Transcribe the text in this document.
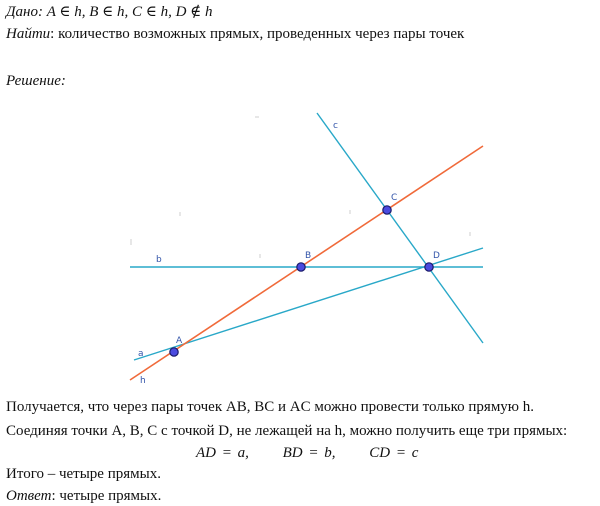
Дано: A ∈ h, B ∈ h, C ∈ h, D ∉ h
Найти: количество возможных прямых, проведенных через пары точек
Решение:
c
b
a
h
A
B
C
D
Получается, что через пары точек AB, BC и AC можно провести только прямую h.
Соединяя точки A, B, C с точкой D, не лежащей на h, можно получить еще три прямых:
AD = a, BD = b, CD = c
Итого – четыре прямых.
Ответ: четыре прямых.
